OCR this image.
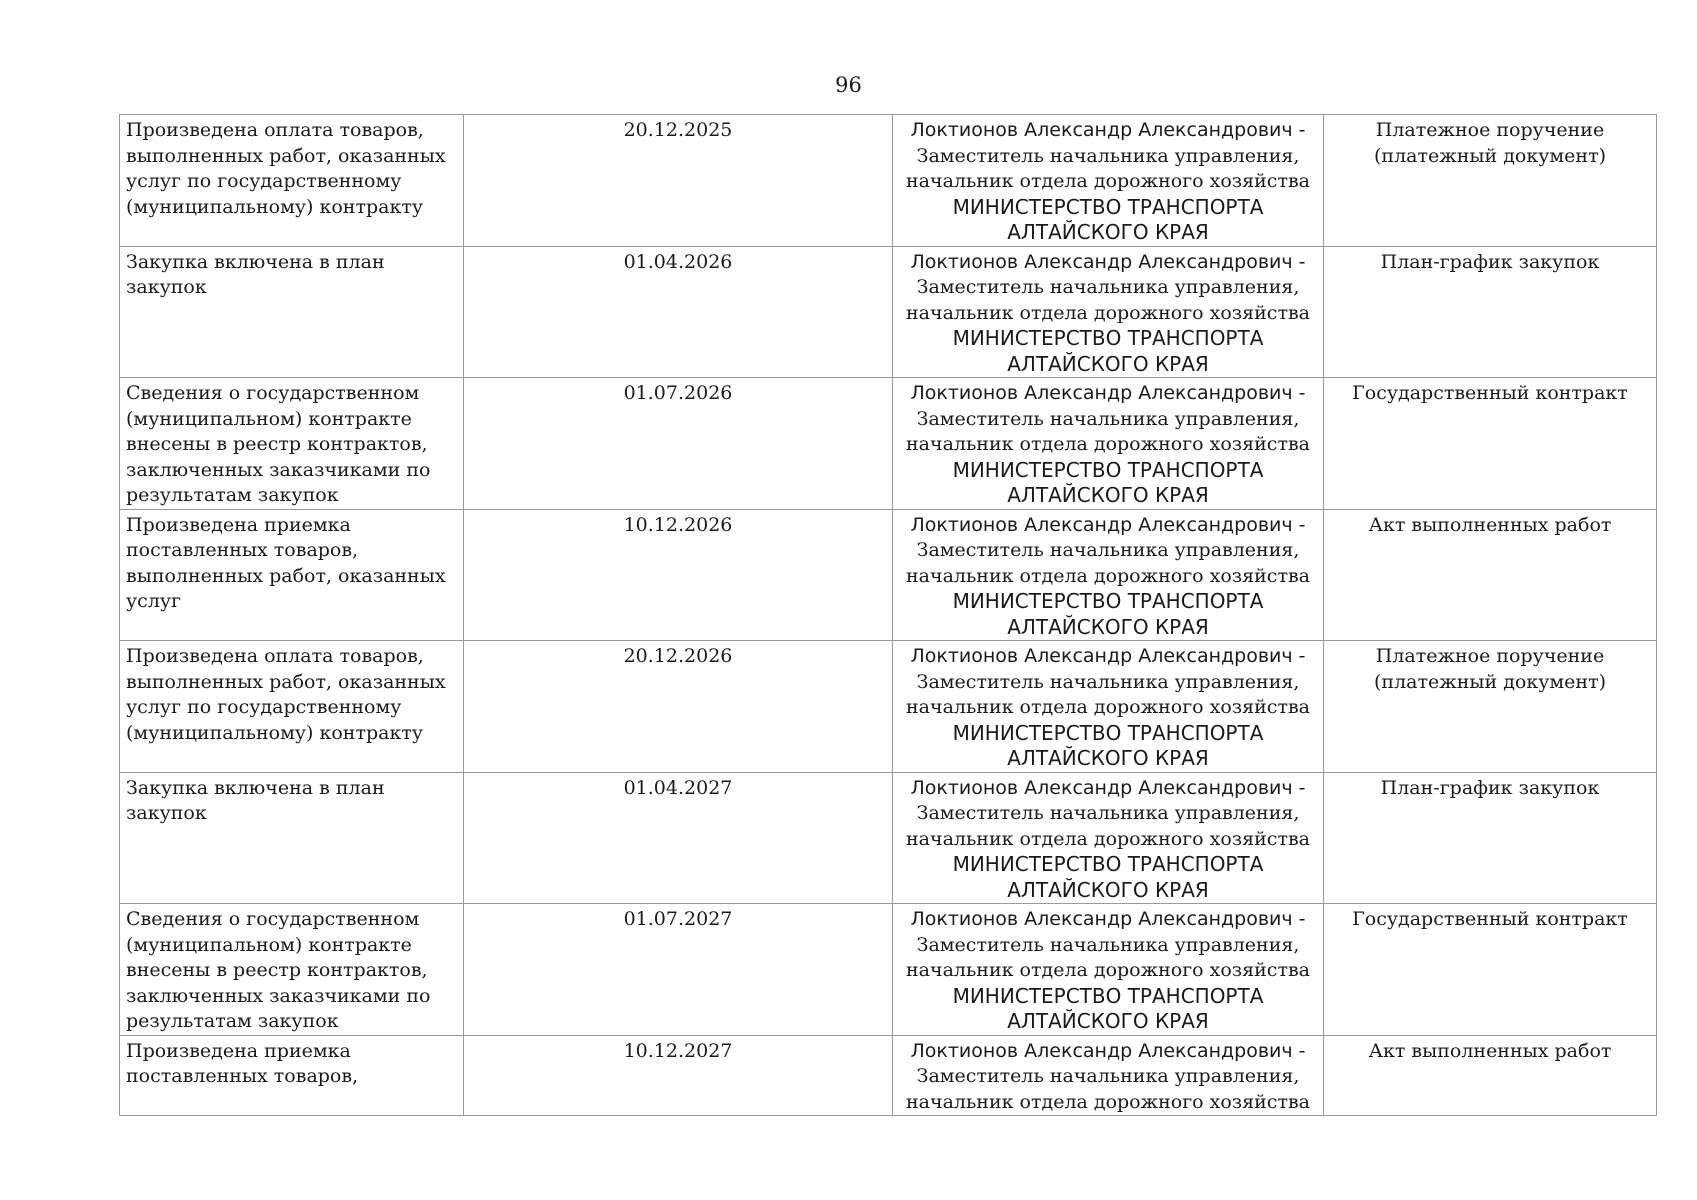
96
Произведена оплата товаров, выполненных работ, оказанных услуг по государственному (муниципальному) контракту	20.12.2025	Локтионов Александр Александрович -
Заместитель начальника управления,
начальник отдела дорожного хозяйства
МИНИСТЕРСТВО ТРАНСПОРТА
АЛТАЙСКОГО КРАЯ	Платежное поручение (платежный документ)
Закупка включена в план закупок	01.04.2026	Локтионов Александр Александрович -
Заместитель начальника управления,
начальник отдела дорожного хозяйства
МИНИСТЕРСТВО ТРАНСПОРТА
АЛТАЙСКОГО КРАЯ	План-график закупок
Сведения о государственном (муниципальном) контракте внесены в реестр контрактов, заключенных заказчиками по результатам закупок	01.07.2026	Локтионов Александр Александрович -
Заместитель начальника управления,
начальник отдела дорожного хозяйства
МИНИСТЕРСТВО ТРАНСПОРТА
АЛТАЙСКОГО КРАЯ	Государственный контракт
Произведена приемка поставленных товаров, выполненных работ, оказанных услуг	10.12.2026	Локтионов Александр Александрович -
Заместитель начальника управления,
начальник отдела дорожного хозяйства
МИНИСТЕРСТВО ТРАНСПОРТА
АЛТАЙСКОГО КРАЯ	Акт выполненных работ
Произведена оплата товаров, выполненных работ, оказанных услуг по государственному (муниципальному) контракту	20.12.2026	Локтионов Александр Александрович -
Заместитель начальника управления,
начальник отдела дорожного хозяйства
МИНИСТЕРСТВО ТРАНСПОРТА
АЛТАЙСКОГО КРАЯ	Платежное поручение (платежный документ)
Закупка включена в план закупок	01.04.2027	Локтионов Александр Александрович -
Заместитель начальника управления,
начальник отдела дорожного хозяйства
МИНИСТЕРСТВО ТРАНСПОРТА
АЛТАЙСКОГО КРАЯ	План-график закупок
Сведения о государственном (муниципальном) контракте внесены в реестр контрактов, заключенных заказчиками по результатам закупок	01.07.2027	Локтионов Александр Александрович -
Заместитель начальника управления,
начальник отдела дорожного хозяйства
МИНИСТЕРСТВО ТРАНСПОРТА
АЛТАЙСКОГО КРАЯ	Государственный контракт
Произведена приемка поставленных товаров,	10.12.2027	Локтионов Александр Александрович -
Заместитель начальника управления,
начальник отдела дорожного хозяйства	Акт выполненных работ
